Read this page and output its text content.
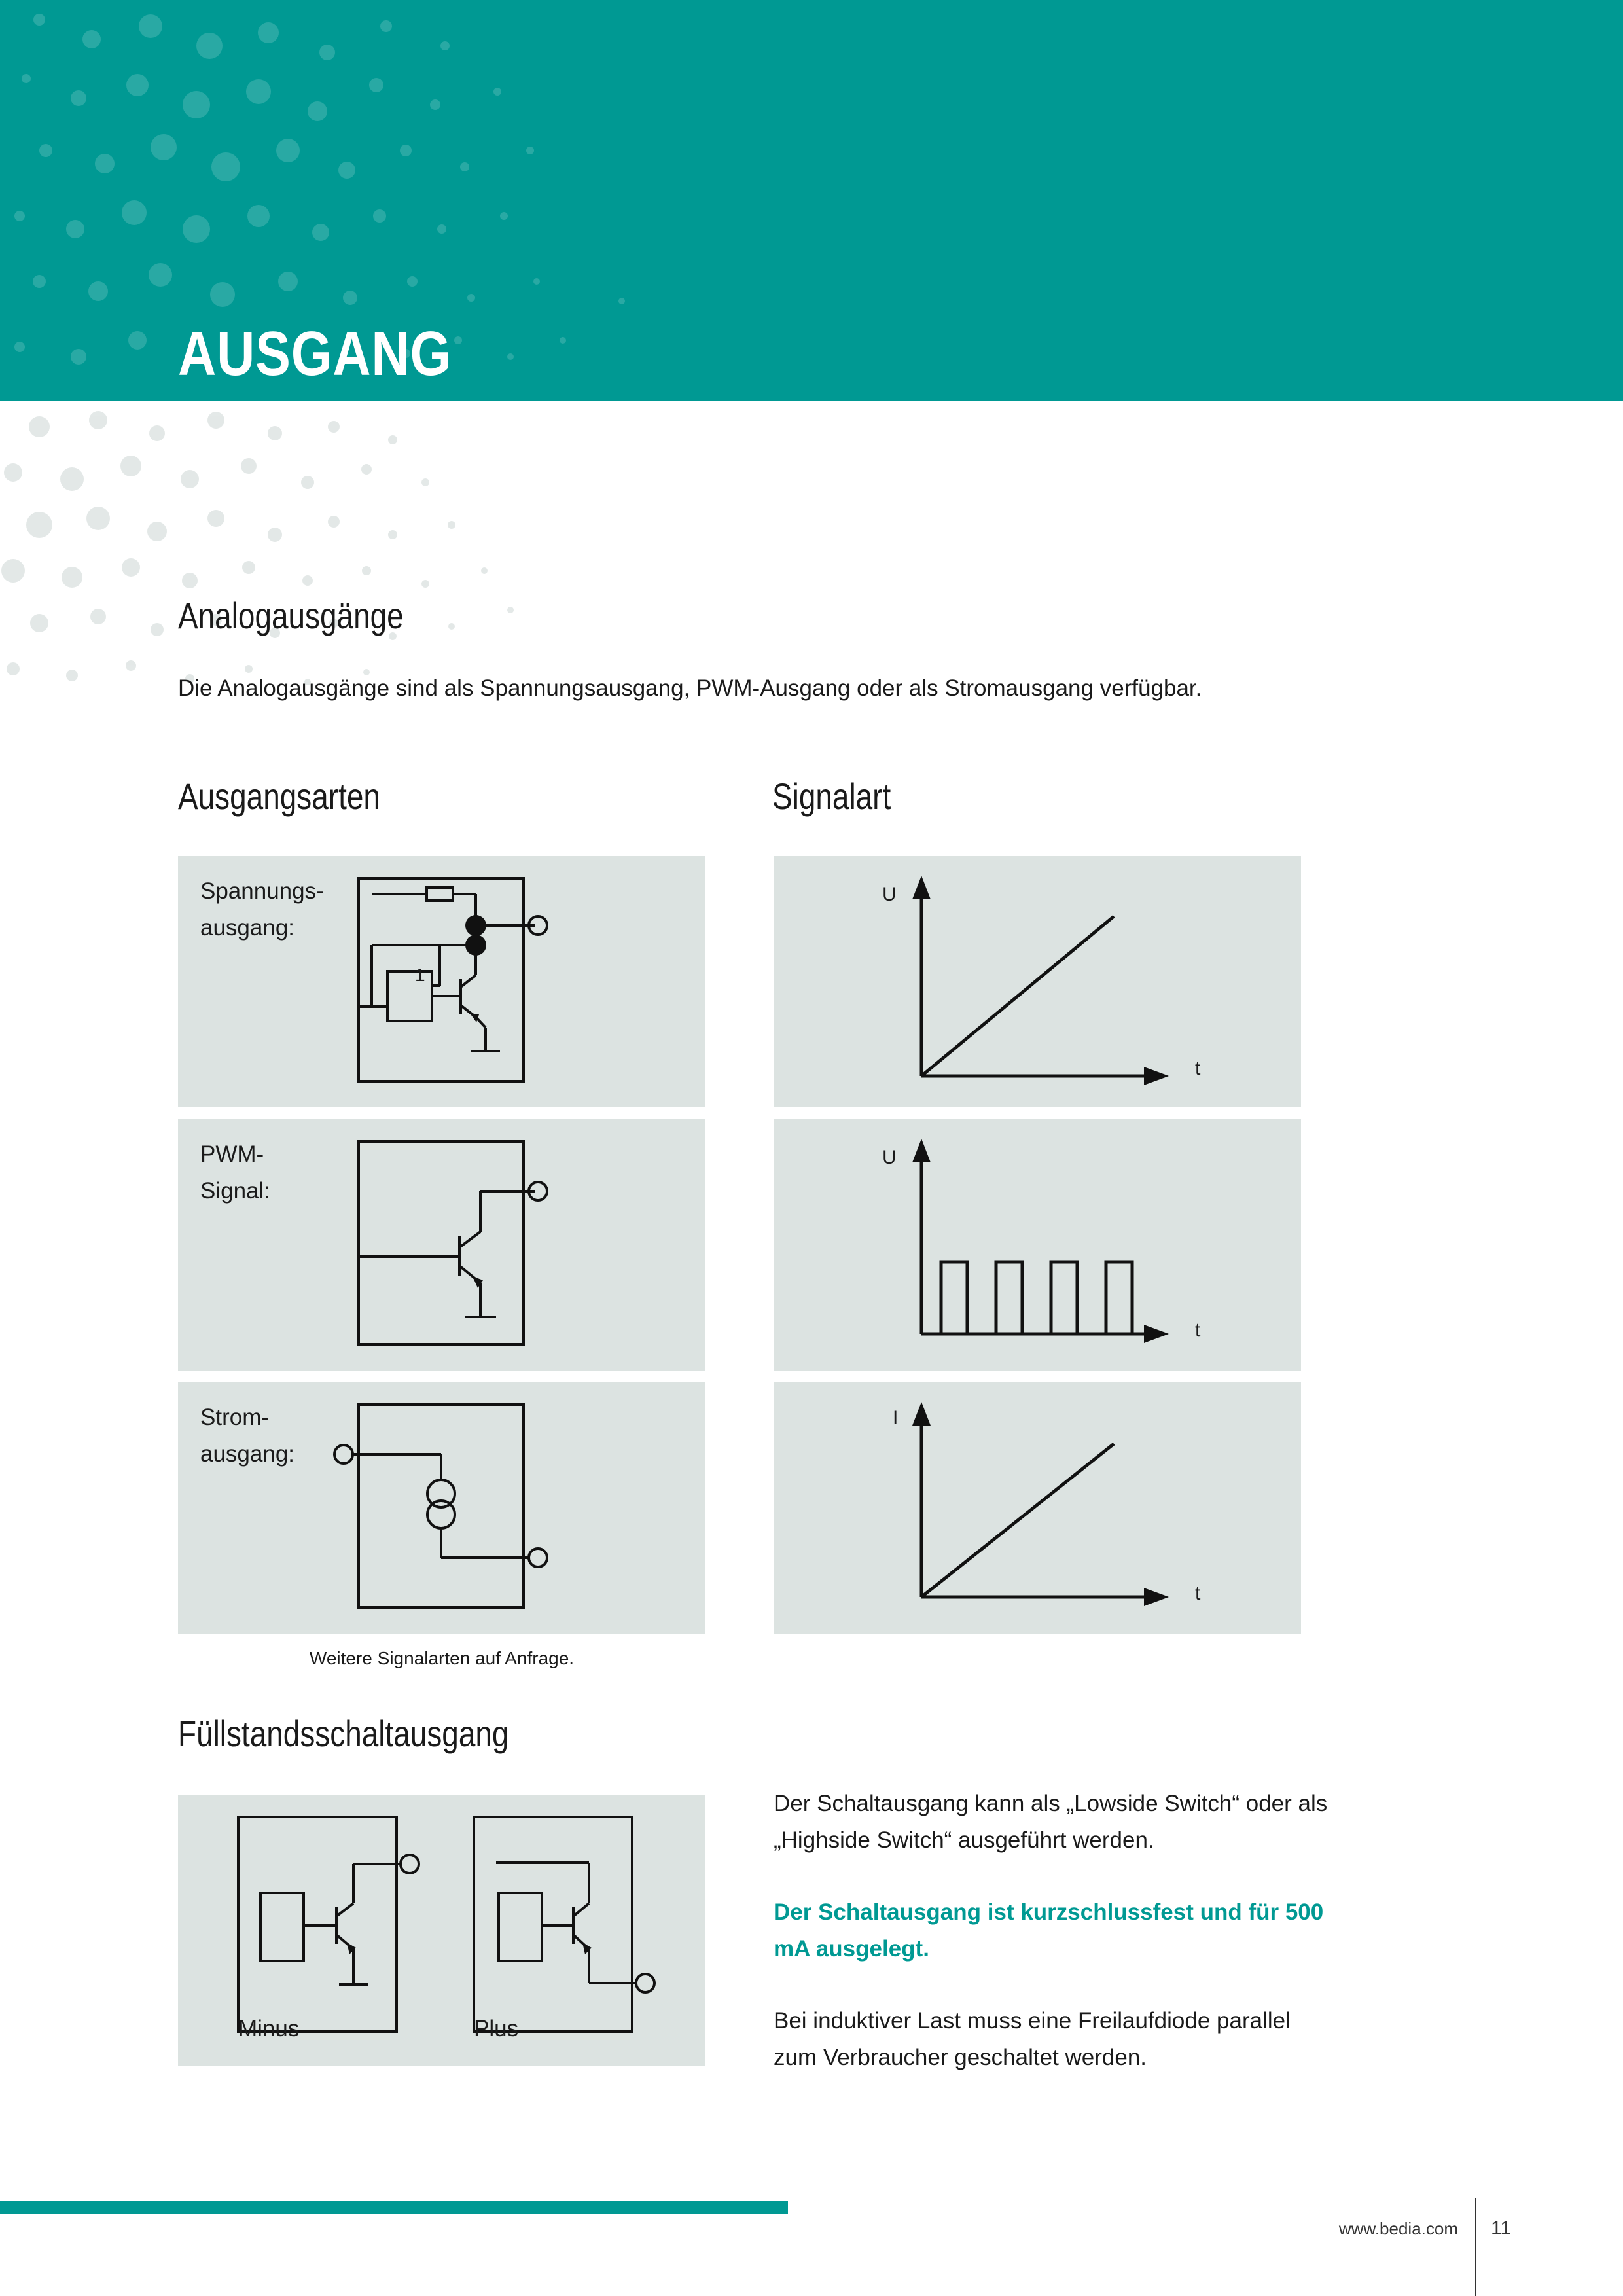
AUSGANG
Analogausgänge
Die Analogausgänge sind als Spannungsausgang, PWM-Ausgang oder als Stromausgang verfügbar.
Ausgangsarten	Signalart
Spannungs-
ausgang:
1
PWM-
Signal:
Strom-
ausgang:
U
t
U
t
I
t
Weitere Signalarten auf Anfrage.
Füllstandsschaltausgang
Minus	Plus
Der Schaltausgang kann als „Lowside Switch“ oder als „Highside Switch“ ausgeführt werden.
Der Schaltausgang ist kurzschlussfest und für 500 mA ausgelegt.
Bei induktiver Last muss eine Freilaufdiode parallel zum Verbraucher geschaltet werden.
www.bedia.com 11
